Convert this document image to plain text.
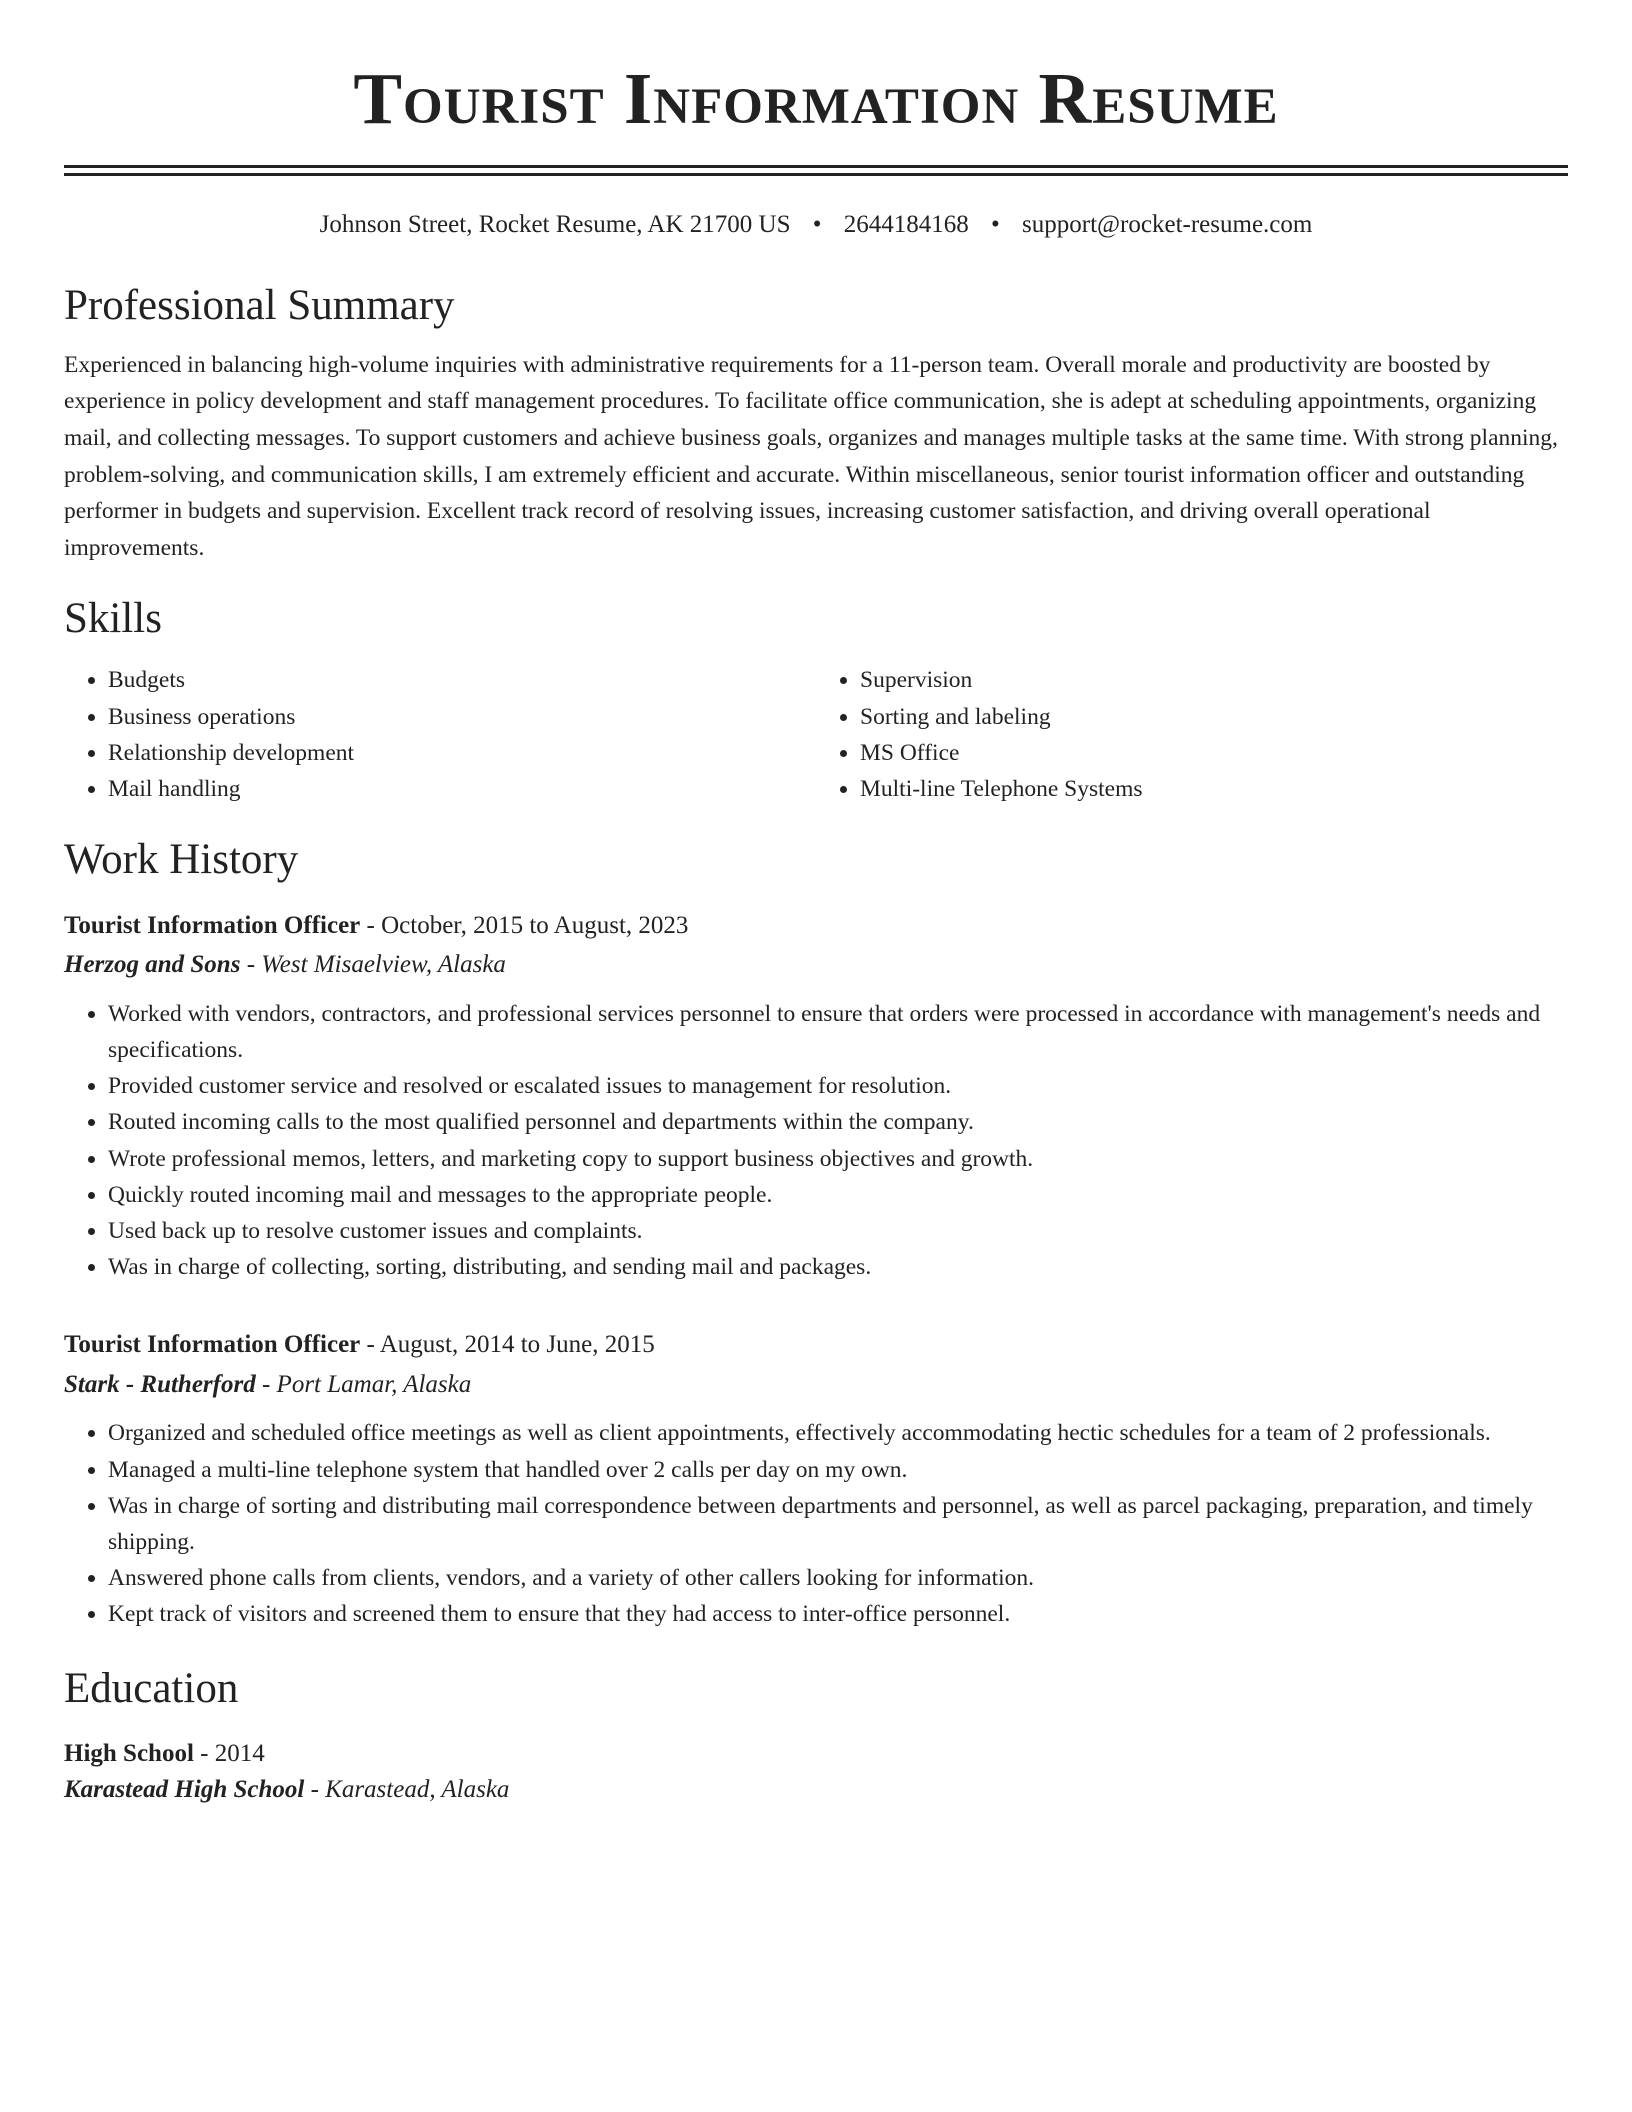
Tourist Information Resume
Johnson Street, Rocket Resume, AK 21700 US • 2644184168 • support@rocket-resume.com
Professional Summary

Experienced in balancing high-volume inquiries with administrative requirements for a 11-person team. Overall morale and productivity are boosted by experience in policy development and staff management procedures. To facilitate office communication, she is adept at scheduling appointments, organizing mail, and collecting messages. To support customers and achieve business goals, organizes and manages multiple tasks at the same time. With strong planning, problem-solving, and communication skills, I am extremely efficient and accurate. Within miscellaneous, senior tourist information officer and outstanding performer in budgets and supervision. Excellent track record of resolving issues, increasing customer satisfaction, and driving overall operational improvements.

Skills
• Budgets
• Business operations
• Relationship development
• Mail handling
• Supervision
• Sorting and labeling
• MS Office
• Multi-line Telephone Systems
Work History
Tourist Information Officer - October, 2015 to August, 2023
Herzog and Sons - West Misaelview, Alaska
• Worked with vendors, contractors, and professional services personnel to ensure that orders were processed in accordance with management's needs and specifications.
• Provided customer service and resolved or escalated issues to management for resolution.
• Routed incoming calls to the most qualified personnel and departments within the company.
• Wrote professional memos, letters, and marketing copy to support business objectives and growth.
• Quickly routed incoming mail and messages to the appropriate people.
• Used back up to resolve customer issues and complaints.
• Was in charge of collecting, sorting, distributing, and sending mail and packages.
Tourist Information Officer - August, 2014 to June, 2015
Stark - Rutherford - Port Lamar, Alaska
• Organized and scheduled office meetings as well as client appointments, effectively accommodating hectic schedules for a team of 2 professionals.
• Managed a multi-line telephone system that handled over 2 calls per day on my own.
• Was in charge of sorting and distributing mail correspondence between departments and personnel, as well as parcel packaging, preparation, and timely shipping.
• Answered phone calls from clients, vendors, and a variety of other callers looking for information.
• Kept track of visitors and screened them to ensure that they had access to inter-office personnel.
Education
High School - 2014
Karastead High School - Karastead, Alaska
